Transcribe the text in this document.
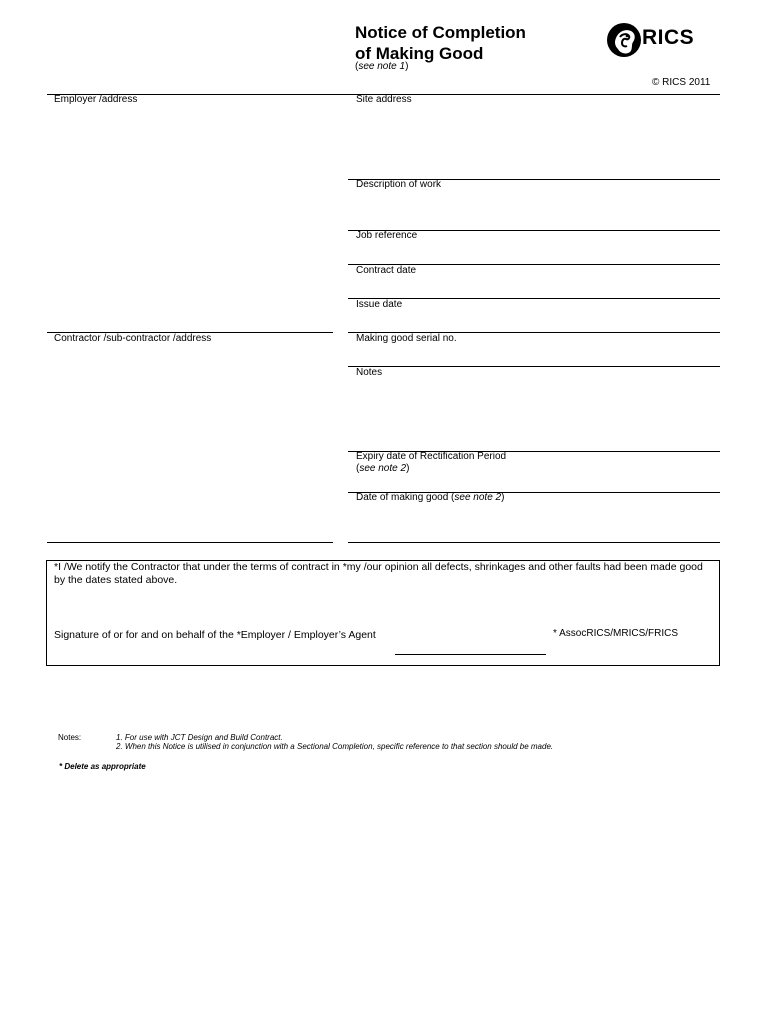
Notice of Completion
of Making Good
(see note 1)
RICS
© RICS 2011
Employer /address
Contractor /sub-contractor /address
Site address
Description of work
Job reference
Contract date
Issue date
Making good serial no.
Notes
Expiry date of Rectification Period
(see note 2)
Date of making good (see note 2)
*I /We notify the Contractor that under the terms of contract in *my /our opinion all defects, shrinkages and other faults had been made good by the dates stated above.
Signature of or for and on behalf of the *Employer / Employer’s Agent	* AssocRICS/MRICS/FRICS
Notes:	1. For use with JCT Design and Build Contract.
2. When this Notice is utilised in conjunction with a Sectional Completion, specific reference to that section should be made.
* Delete as appropriate
